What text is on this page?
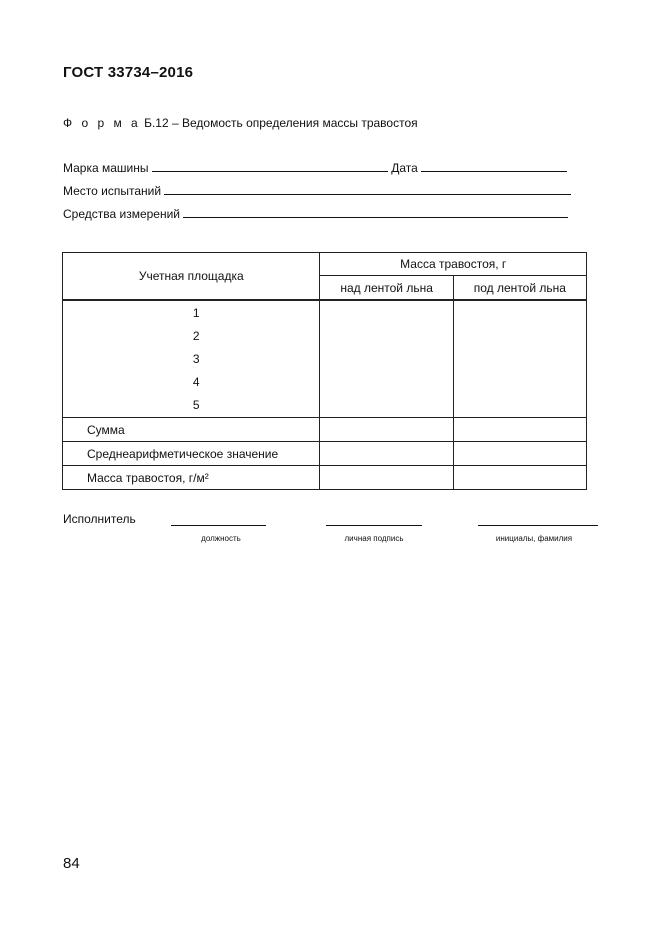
ГОСТ 33734–2016
Ф о р м а Б.12 – Ведомость определения массы травостоя
Марка машины	Дата
Место испытаний
Средства измерений
Учетная площадка	Масса травостоя, г	
	над лентой льна	под лентой льна

1
2
3
4
5		

Сумма		
Среднеарифметическое значение		
Масса травостоя, г/м²		
Исполнитель
должность	личная подпись	инициалы, фамилия
84
